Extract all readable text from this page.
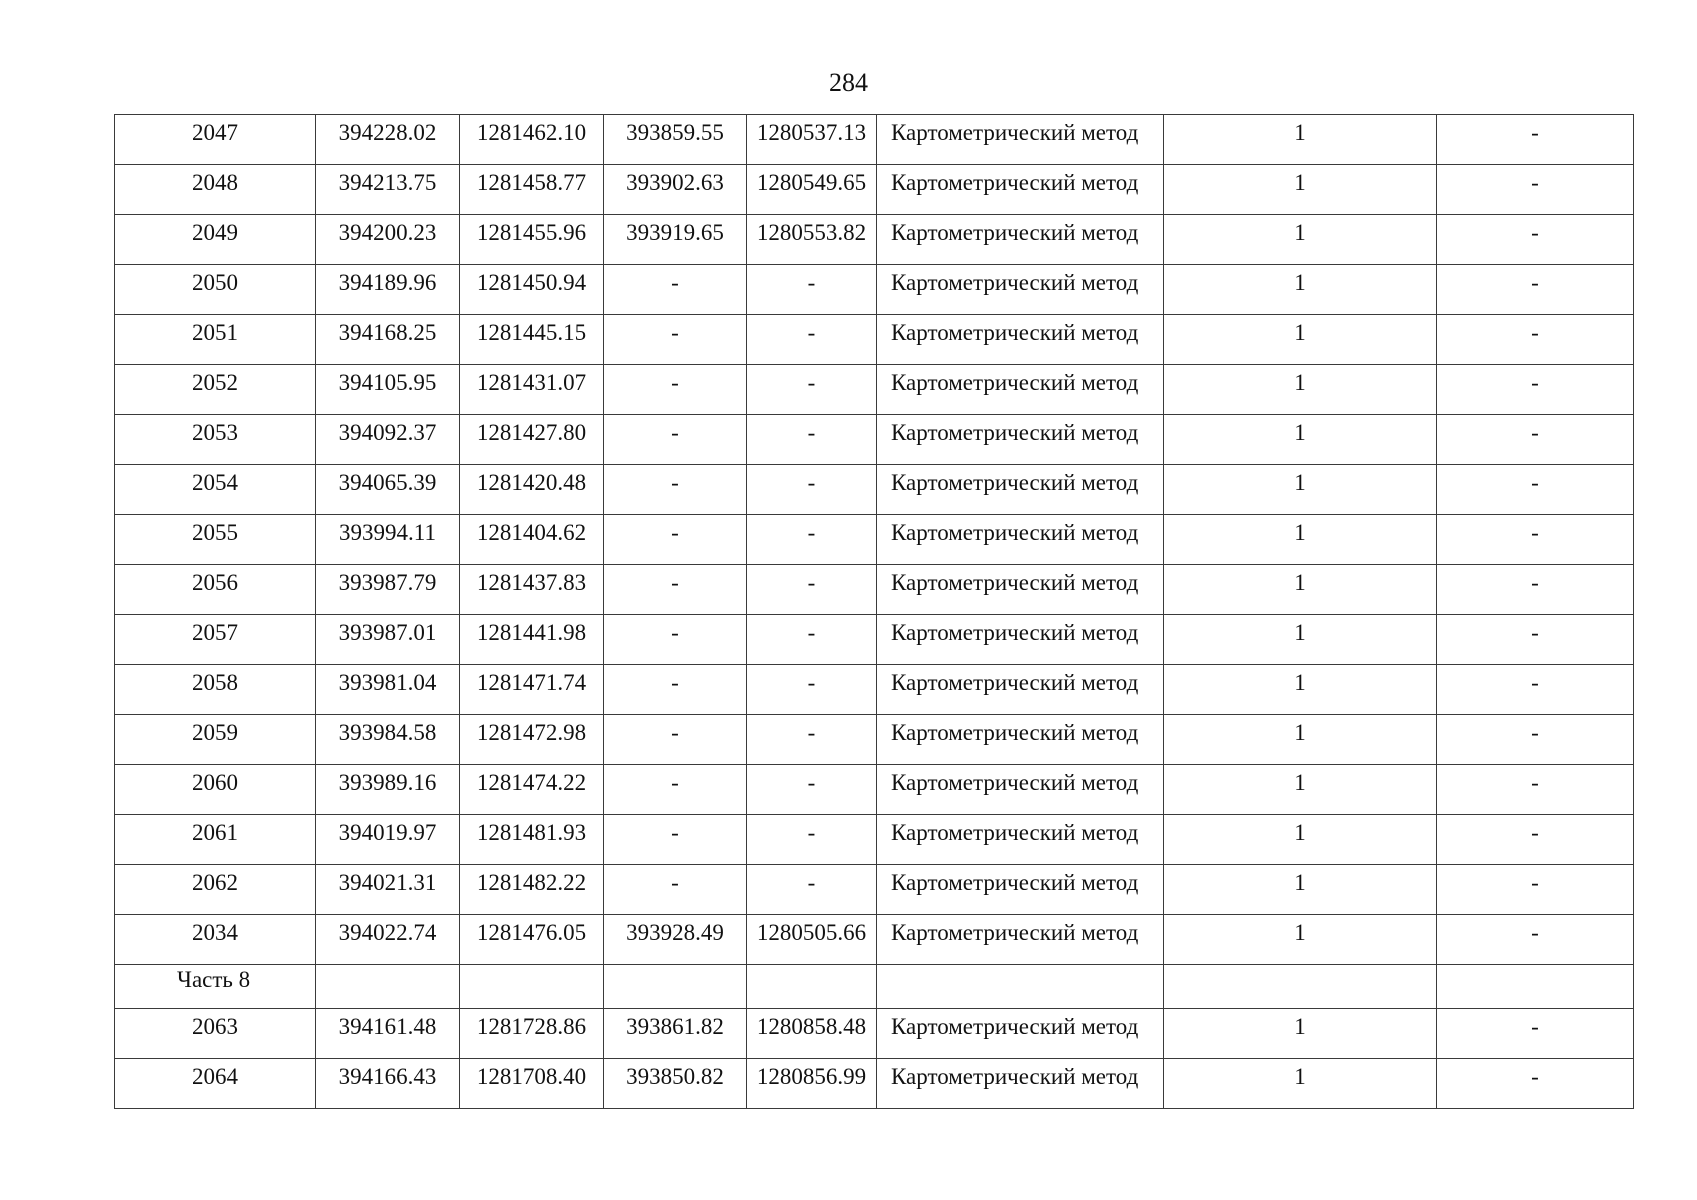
284
2047	394228.02	1281462.10	393859.55	1280537.13	Картометрический метод	1	-
2048	394213.75	1281458.77	393902.63	1280549.65	Картометрический метод	1	-
2049	394200.23	1281455.96	393919.65	1280553.82	Картометрический метод	1	-
2050	394189.96	1281450.94	-	-	Картометрический метод	1	-
2051	394168.25	1281445.15	-	-	Картометрический метод	1	-
2052	394105.95	1281431.07	-	-	Картометрический метод	1	-
2053	394092.37	1281427.80	-	-	Картометрический метод	1	-
2054	394065.39	1281420.48	-	-	Картометрический метод	1	-
2055	393994.11	1281404.62	-	-	Картометрический метод	1	-
2056	393987.79	1281437.83	-	-	Картометрический метод	1	-
2057	393987.01	1281441.98	-	-	Картометрический метод	1	-
2058	393981.04	1281471.74	-	-	Картометрический метод	1	-
2059	393984.58	1281472.98	-	-	Картометрический метод	1	-
2060	393989.16	1281474.22	-	-	Картометрический метод	1	-
2061	394019.97	1281481.93	-	-	Картометрический метод	1	-
2062	394021.31	1281482.22	-	-	Картометрический метод	1	-
2034	394022.74	1281476.05	393928.49	1280505.66	Картометрический метод	1	-
Часть 8							
2063	394161.48	1281728.86	393861.82	1280858.48	Картометрический метод	1	-
2064	394166.43	1281708.40	393850.82	1280856.99	Картометрический метод	1	-
